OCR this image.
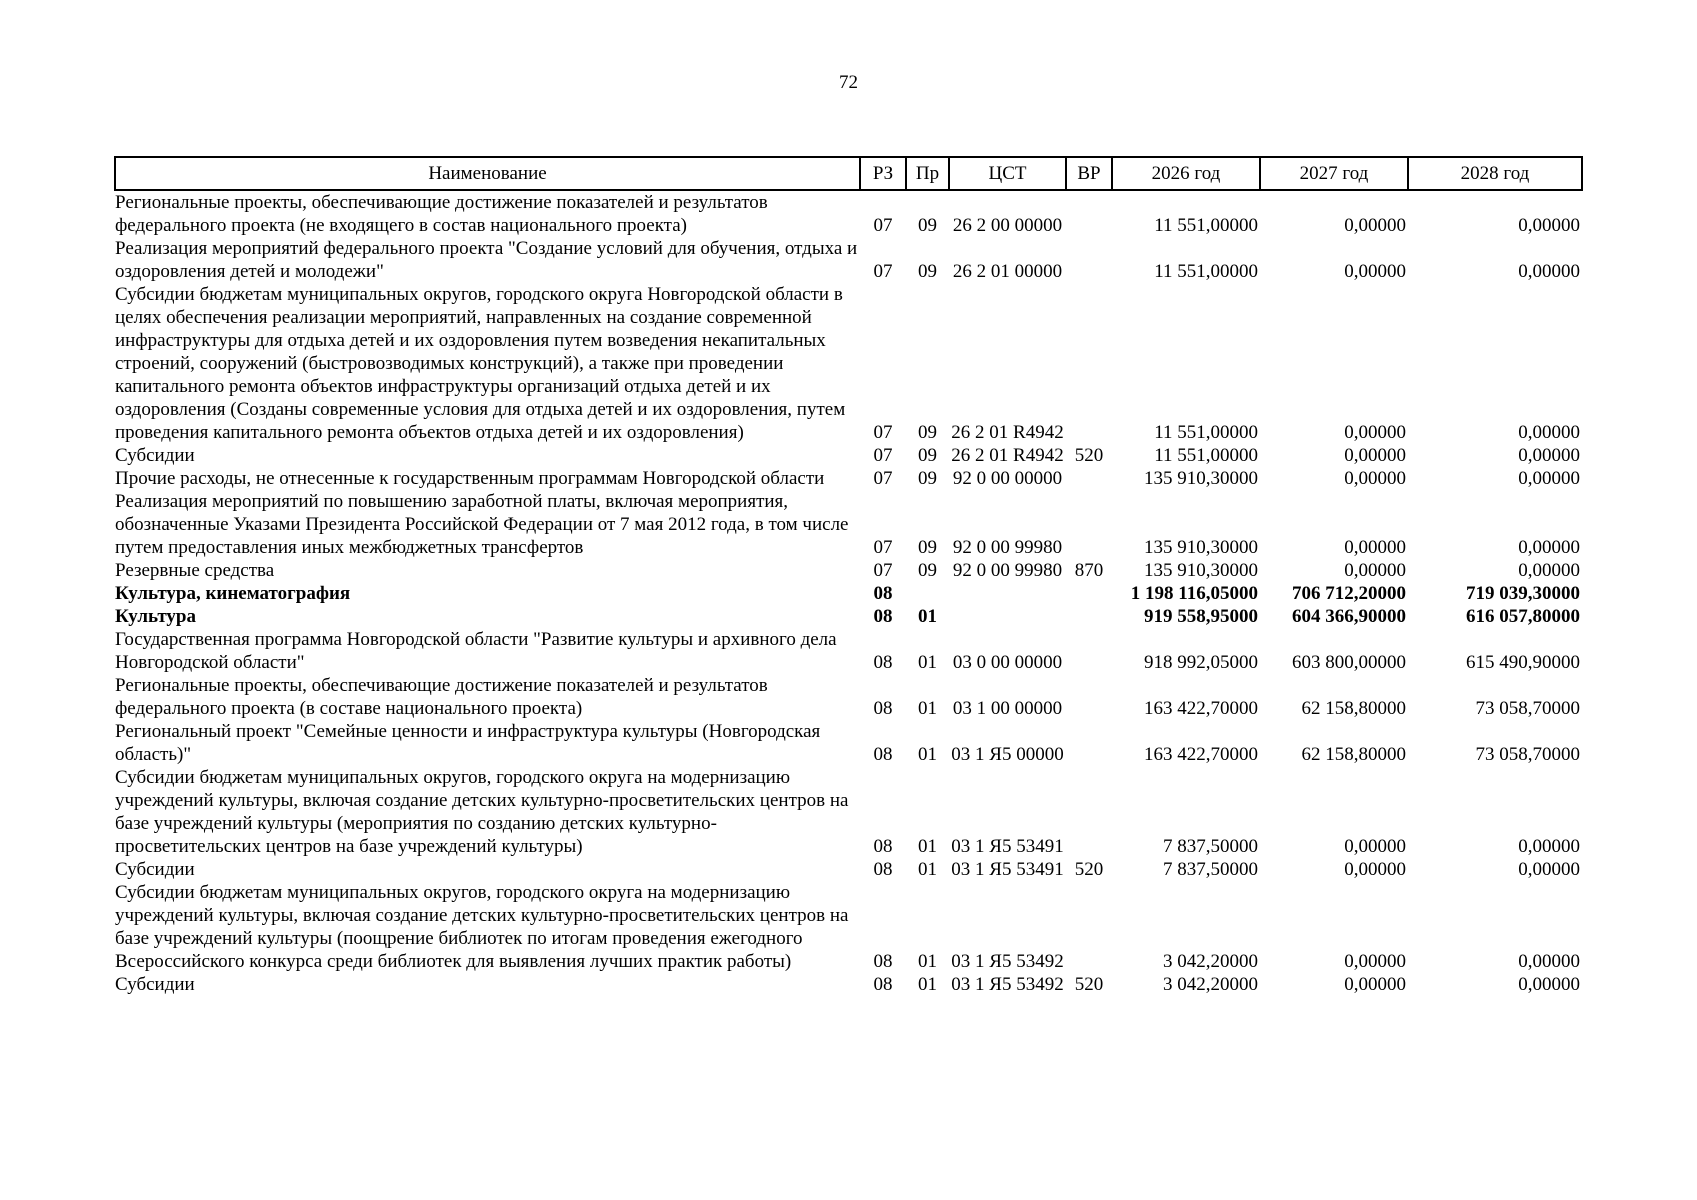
72
Наименование	РЗ	Пр	ЦСТ	ВР	2026 год	2027 год	2028 год
Региональные проекты, обеспечивающие достижение показателей и результатов федерального проекта (не входящего в состав национального проекта)	07	09	26 2 00 00000		11 551,00000	0,00000	0,00000
Реализация мероприятий федерального проекта "Создание условий для обучения, отдыха и оздоровления детей и молодежи"	07	09	26 2 01 00000		11 551,00000	0,00000	0,00000
Субсидии бюджетам муниципальных округов, городского округа Новгородской области в целях обеспечения реализации мероприятий, направленных на создание современной инфраструктуры для отдыха детей и их оздоровления путем возведения некапитальных строений, сооружений (быстровозводимых конструкций), а также при проведении капитального ремонта объектов инфраструктуры организаций отдыха детей и их оздоровления (Созданы современные условия для отдыха детей и их оздоровления, путем проведения капитального ремонта объектов отдыха детей и их оздоровления)	07	09	26 2 01 R4942		11 551,00000	0,00000	0,00000
Субсидии	07	09	26 2 01 R4942	520	11 551,00000	0,00000	0,00000
Прочие расходы, не отнесенные к государственным программам Новгородской области	07	09	92 0 00 00000		135 910,30000	0,00000	0,00000
Реализация мероприятий по повышению заработной платы, включая мероприятия, обозначенные Указами Президента Российской Федерации от 7 мая 2012 года, в том числе путем предоставления иных межбюджетных трансфертов	07	09	92 0 00 99980		135 910,30000	0,00000	0,00000
Резервные средства	07	09	92 0 00 99980	870	135 910,30000	0,00000	0,00000
Культура, кинематография	08				1 198 116,05000	706 712,20000	719 039,30000
Культура	08	01			919 558,95000	604 366,90000	616 057,80000
Государственная программа Новгородской области "Развитие культуры и архивного дела Новгородской области"	08	01	03 0 00 00000		918 992,05000	603 800,00000	615 490,90000
Региональные проекты, обеспечивающие достижение показателей и результатов федерального проекта (в составе национального проекта)	08	01	03 1 00 00000		163 422,70000	62 158,80000	73 058,70000
Региональный проект "Семейные ценности и инфраструктура культуры (Новгородская область)"	08	01	03 1 Я5 00000		163 422,70000	62 158,80000	73 058,70000
Субсидии бюджетам муниципальных округов, городского округа на модернизацию учреждений культуры, включая создание детских культурно-просветительских центров на базе учреждений культуры (мероприятия по созданию детских культурно-просветительских центров на базе учреждений культуры)	08	01	03 1 Я5 53491		7 837,50000	0,00000	0,00000
Субсидии	08	01	03 1 Я5 53491	520	7 837,50000	0,00000	0,00000
Субсидии бюджетам муниципальных округов, городского округа на модернизацию учреждений культуры, включая создание детских культурно-просветительских центров на базе учреждений культуры (поощрение библиотек по итогам проведения ежегодного Всероссийского конкурса среди библиотек для выявления лучших практик работы)	08	01	03 1 Я5 53492		3 042,20000	0,00000	0,00000
Субсидии	08	01	03 1 Я5 53492	520	3 042,20000	0,00000	0,00000
